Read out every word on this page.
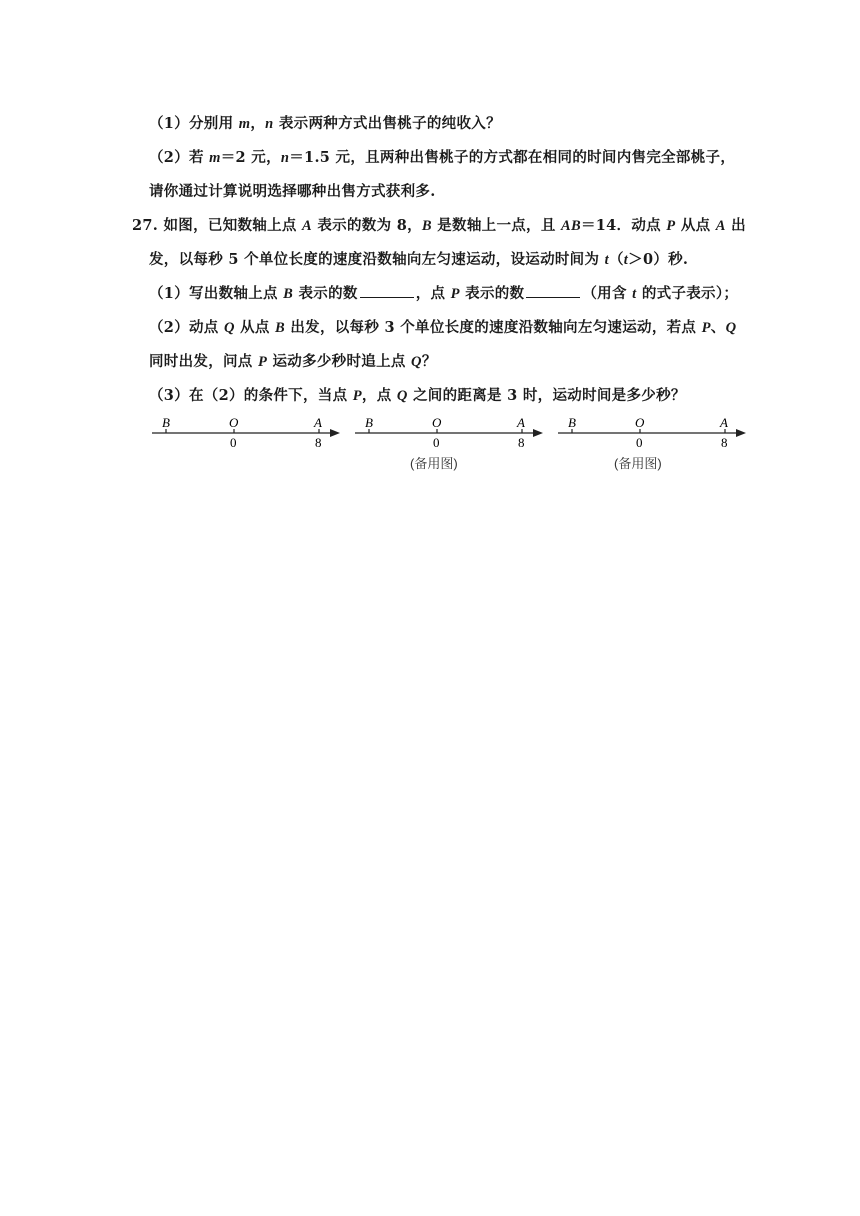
（1）分别用 m，n 表示两种方式出售桃子的纯收入？
（2）若 m＝2 元，n＝1.5 元，且两种出售桃子的方式都在相同的时间内售完全部桃子，
请你通过计算说明选择哪种出售方式获利多.
27. 如图，已知数轴上点 A 表示的数为 8，B 是数轴上一点，且 AB＝14．动点 P 从点 A 出
发，以每秒 5 个单位长度的速度沿数轴向左匀速运动，设运动时间为 t（t＞0）秒.
（1）写出数轴上点 B 表示的数	，点 P 表示的数	（用含 t 的式子表示）；
（2）动点 Q 从点 B 出发，以每秒 3 个单位长度的速度沿数轴向左匀速运动，若点 P、Q
同时出发，问点 P 运动多少秒时追上点 Q？
（3）在（2）的条件下，当点 P，点 Q 之间的距离是 3 时，运动时间是多少秒？
B	O	A
0	8
B	O	A
0	8
(备用图)
B	O	A
0	8
(备用图)
